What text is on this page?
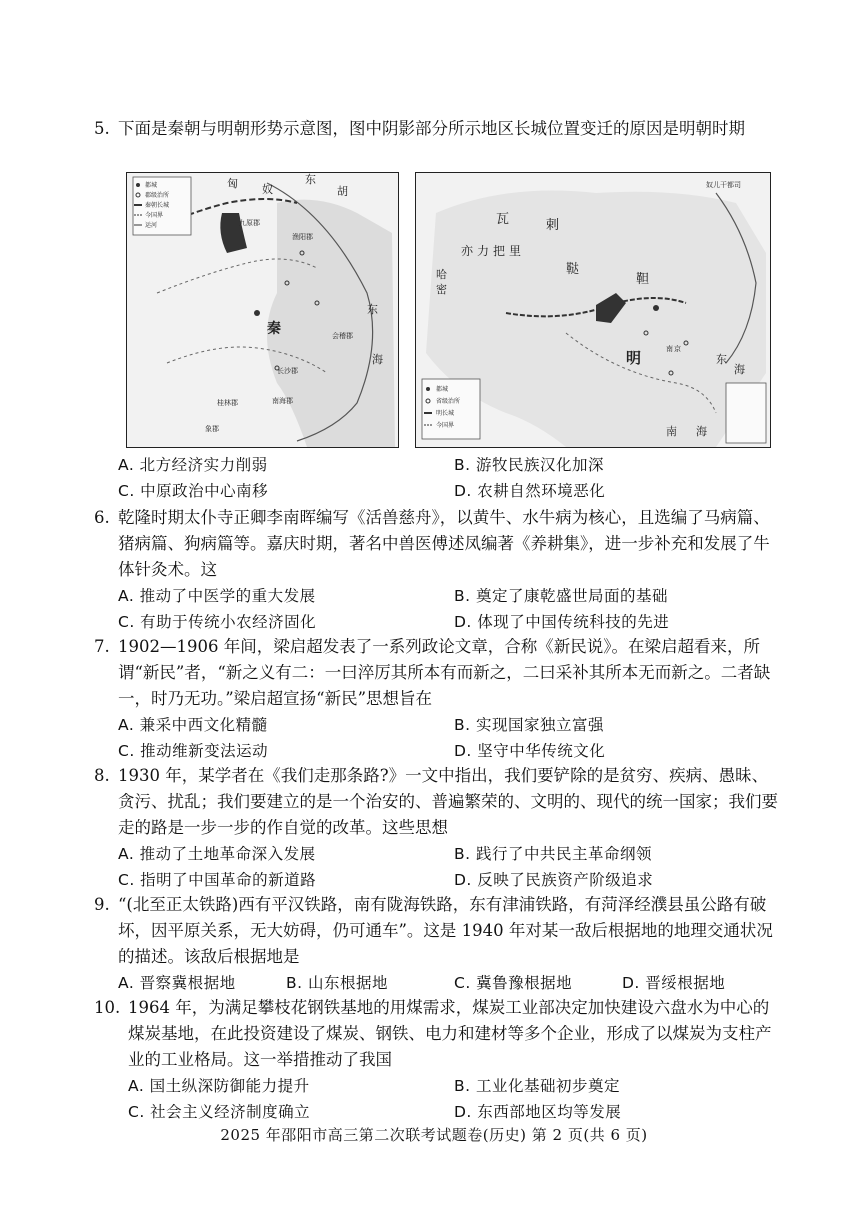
5. 下面是秦朝与明朝形势示意图，图中阴影部分所示地区长城位置变迁的原因是明朝时期

都城
郡级治所
秦朝长城
今国界
运河
匈 奴
东
胡
九原郡
渔阳郡
秦
南海郡
桂林郡
象郡
长沙郡
会稽郡
东
海
都城
省级治所
明长城
今国界
瓦	剌
鞑
靼
哈
密
亦力把里
明	南 京
奴儿干都司
东
海
南 海
A. 北方经济实力削弱	B. 游牧民族汉化加深
C. 中原政治中心南移	D. 农耕自然环境恶化

6. 乾隆时期太仆寺正卿李南晖编写《活兽慈舟》，以黄牛、水牛病为核心，且选编了马病篇、猪病篇、狗病篇等。嘉庆时期，著名中兽医傅述凤编著《养耕集》，进一步补充和发展了牛体针灸术。这

A. 推动了中医学的重大发展	B. 奠定了康乾盛世局面的基础
C. 有助于传统小农经济固化	D. 体现了中国传统科技的先进

7. 1902—1906 年间，梁启超发表了一系列政论文章，合称《新民说》。在梁启超看来，所谓“新民”者，“新之义有二：一曰淬厉其所本有而新之，二曰采补其所本无而新之。二者缺一，时乃无功。”梁启超宣扬“新民”思想旨在

A. 兼采中西文化精髓	B. 实现国家独立富强
C. 推动维新变法运动	D. 坚守中华传统文化

8. 1930 年，某学者在《我们走那条路?》一文中指出，我们要铲除的是贫穷、疾病、愚昧、贪污、扰乱；我们要建立的是一个治安的、普遍繁荣的、文明的、现代的统一国家；我们要走的路是一步一步的作自觉的改革。这些思想

A. 推动了土地革命深入发展	B. 践行了中共民主革命纲领
C. 指明了中国革命的新道路	D. 反映了民族资产阶级追求

9. “(北至正太铁路)西有平汉铁路，南有陇海铁路，东有津浦铁路，有菏泽经濮县虽公路有破坏，因平原关系，无大妨碍，仍可通车”。这是 1940 年对某一敌后根据地的地理交通状况的描述。该敌后根据地是

A. 晋察冀根据地	B. 山东根据地	C. 冀鲁豫根据地	D. 晋绥根据地

10. 1964 年，为满足攀枝花钢铁基地的用煤需求，煤炭工业部决定加快建设六盘水为中心的煤炭基地，在此投资建设了煤炭、钢铁、电力和建材等多个企业，形成了以煤炭为支柱产业的工业格局。这一举措推动了我国

A. 国土纵深防御能力提升	B. 工业化基础初步奠定
C. 社会主义经济制度确立	D. 东西部地区均等发展
2025 年邵阳市高三第二次联考试题卷(历史) 第 2 页(共 6 页)
